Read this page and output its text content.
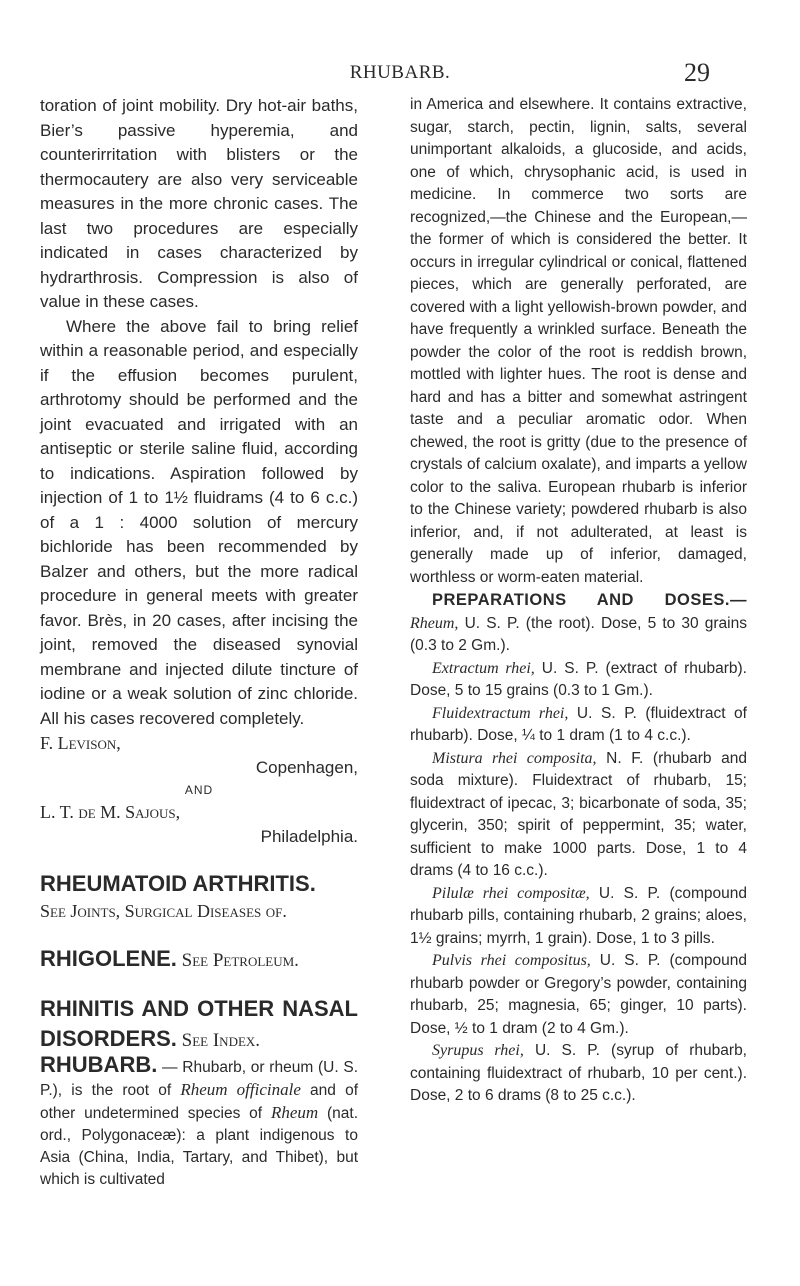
RHUBARB.	29

toration of joint mobility. Dry hot-air baths, Bier’s passive hyperemia, and counterirritation with blisters or the thermocautery are also very serviceable measures in the more chronic cases. The last two procedures are especially indicated in cases characterized by hydrarthrosis. Compression is also of value in these cases.

Where the above fail to bring relief within a reasonable period, and especially if the effusion becomes purulent, arthrotomy should be performed and the joint evacuated and irrigated with an antiseptic or sterile saline fluid, according to indications. Aspiration followed by injection of 1 to 1½ fluidrams (4 to 6 c.c.) of a 1 : 4000 solution of mercury bichloride has been recommended by Balzer and others, but the more radical procedure in general meets with greater favor. Brès, in 20 cases, after incising the joint, removed the diseased synovial membrane and injected dilute tincture of iodine or a weak solution of zinc chloride. All his cases recovered completely.

F. Levison,

Copenhagen,

AND

L. T. de M. Sajous,

Philadelphia.

RHEUMATOID ARTHRITIS.
See Joints, Surgical Diseases of.
RHIGOLENE. See Petroleum.
RHINITIS AND OTHER NASAL DISORDERS. See Index.

RHUBARB. — Rhubarb, or rheum (U. S. P.), is the root of Rheum officinale and of other undetermined species of Rheum (nat. ord., Polygonaceæ): a plant indigenous to Asia (China, India, Tartary, and Thibet), but which is cultivated

in America and elsewhere. It contains extractive, sugar, starch, pectin, lignin, salts, several unimportant alkaloids, a glucoside, and acids, one of which, chrysophanic acid, is used in medicine. In commerce two sorts are recognized,—the Chinese and the European,—the former of which is considered the better. It occurs in irregular cylindrical or conical, flattened pieces, which are generally perforated, are covered with a light yellowish-brown powder, and have frequently a wrinkled surface. Beneath the powder the color of the root is reddish brown, mottled with lighter hues. The root is dense and hard and has a bitter and somewhat astringent taste and a peculiar aromatic odor. When chewed, the root is gritty (due to the presence of crystals of calcium oxalate), and imparts a yellow color to the saliva. European rhubarb is inferior to the Chinese variety; powdered rhubarb is also inferior, and, if not adulterated, at least is generally made up of inferior, damaged, worthless or worm-eaten material.

PREPARATIONS AND DOSES.— Rheum, U. S. P. (the root). Dose, 5 to 30 grains (0.3 to 2 Gm.).

Extractum rhei, U. S. P. (extract of rhubarb). Dose, 5 to 15 grains (0.3 to 1 Gm.).

Fluidextractum rhei, U. S. P. (fluidextract of rhubarb). Dose, ¼ to 1 dram (1 to 4 c.c.).

Mistura rhei composita, N. F. (rhubarb and soda mixture). Fluidextract of rhubarb, 15; fluidextract of ipecac, 3; bicarbonate of soda, 35; glycerin, 350; spirit of peppermint, 35; water, sufficient to make 1000 parts. Dose, 1 to 4 drams (4 to 16 c.c.).

Pilulæ rhei compositæ, U. S. P. (compound rhubarb pills, containing rhubarb, 2 grains; aloes, 1½ grains; myrrh, 1 grain). Dose, 1 to 3 pills.

Pulvis rhei compositus, U. S. P. (compound rhubarb powder or Gregory’s powder, containing rhubarb, 25; magnesia, 65; ginger, 10 parts). Dose, ½ to 1 dram (2 to 4 Gm.).

Syrupus rhei, U. S. P. (syrup of rhubarb, containing fluidextract of rhubarb, 10 per cent.). Dose, 2 to 6 drams (8 to 25 c.c.).
